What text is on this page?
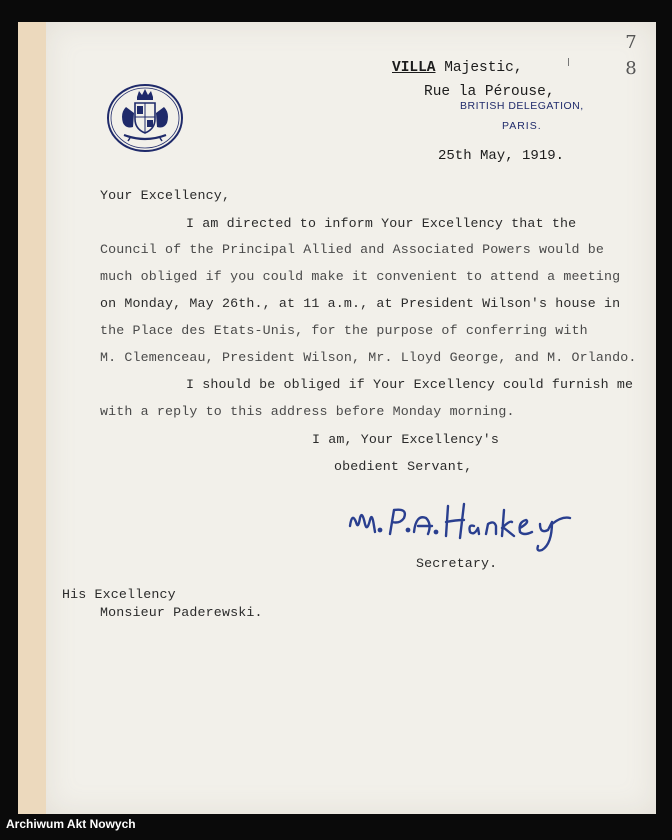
7
8
VILLA Majestic,
Rue la Pérouse,
BRITISH DELEGATION,
PARIS.
25th May, 1919.
Your Excellency,
I am directed to inform Your Excellency that the
Council of the Principal Allied and Associated Powers would be
much obliged if you could make it convenient to attend a meeting
on Monday, May 26th., at 11 a.m., at President Wilson's house in
the Place des Etats-Unis, for the purpose of conferring with
M. Clemenceau, President Wilson, Mr. Lloyd George, and M. Orlando.
I should be obliged if Your Excellency could furnish me
with a reply to this address before Monday morning.
I am, Your Excellency's
obedient Servant,
Secretary.
His Excellency
Monsieur Paderewski.
Archiwum Akt Nowych
